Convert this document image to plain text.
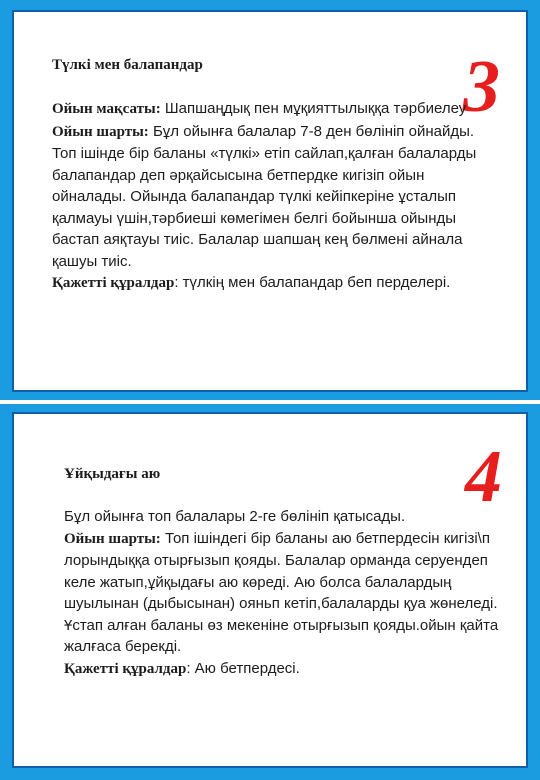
Түлкі мен балапандар	3

Ойын мақсаты: Шапшаңдық пен мұқияттылыққа тәрбиелеу

Ойын шарты: Бұл ойынға балалар 7-8 ден бөлініп ойнайды. Топ ішінде бір баланы «түлкі» етіп сайлап,қалған балаларды балапандар деп әрқайсысына бетпердке кигізіп ойын ойналады. Ойында балапандар түлкі кейіпкеріне ұсталып қалмауы үшін,тәрбиеші көмегімен белгі бойынша ойынды бастап аяқтауы тиіс. Балалар шапшаң кең бөлмені айнала қашуы тиіс.

Қажетті құралдар: түлкің мен балапандар беп перделері.

Ұйқыдағы аю	4

Бұл ойынға топ балалары 2-ге бөлініп қатысады.

Ойын шарты: Топ ішіндегі бір баланы аю бетпердесін кигізі\п лорындыққа отырғызып қояды. Балалар орманда серуендеп келе жатып,ұйқыдағы аю көреді. Аю болса балалардың шуылынан (дыбысынан) ояньп кетіп,балаларды қуа жөнеледі. Ұстап алған баланы өз мекеніне отырғызып қояды.ойын қайта жалғаса берекді.

Қажетті құралдар: Аю бетпердесі.
